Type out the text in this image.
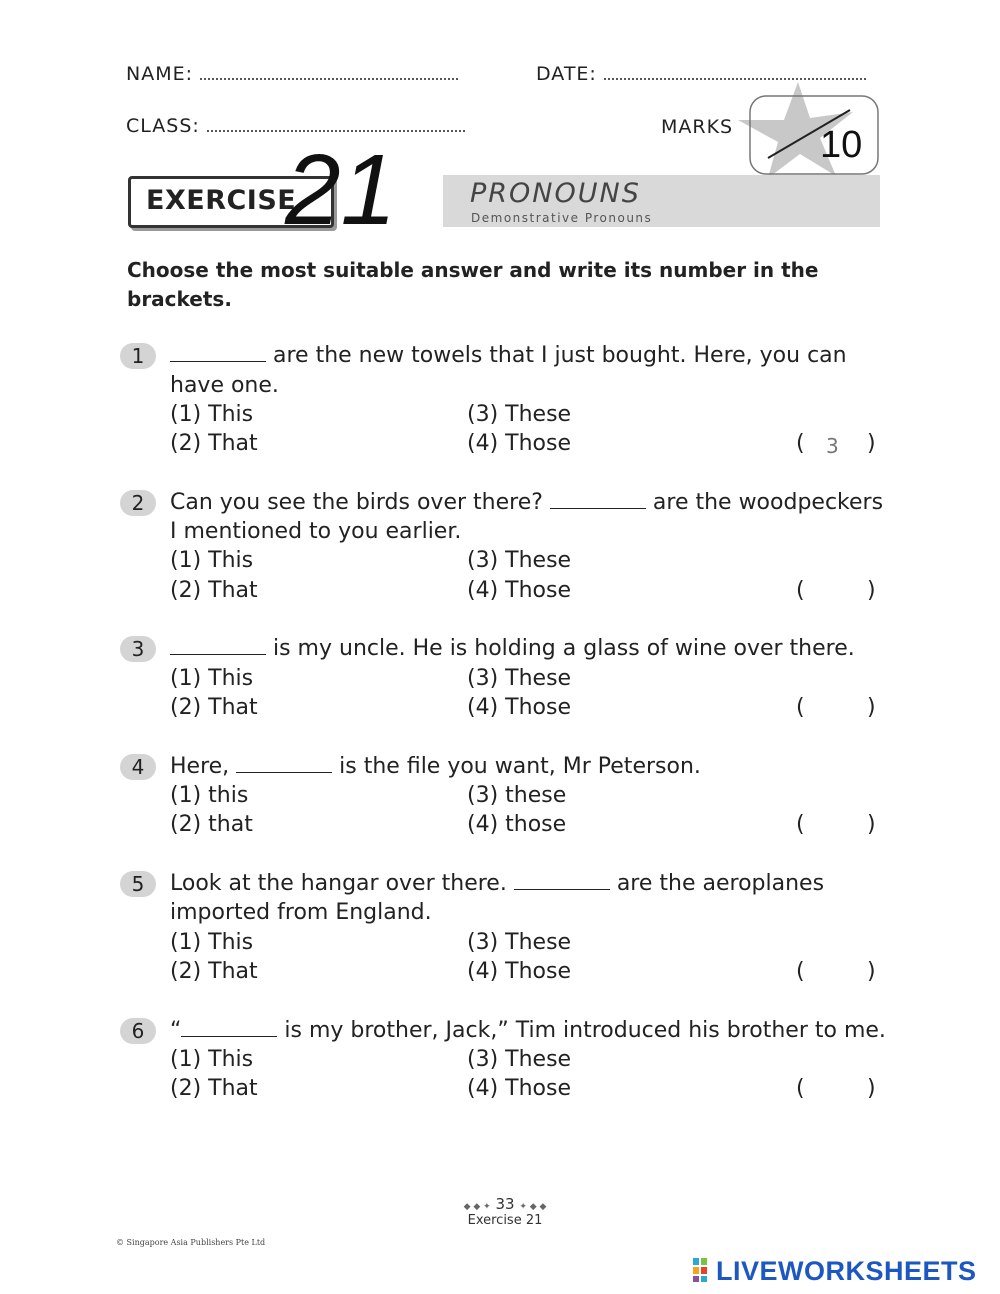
NAME:	DATE:
CLASS:	MARKS 10
EXERCISE
21	PRONOUNS
Demonstrative Pronouns
Choose the most suitable answer and write its number in the brackets.
1	are the new towels that I just bought. Here, you can
have one.
(1) This
(2) That
(3) These
(4) Those	( 3 )
2	Can you see the birds over there?	are the woodpeckers
I mentioned to you earlier.
(1) This
(2) That
(3) These
(4) Those	(	)
3	is my uncle. He is holding a glass of wine over there.
(1) This
(2) That
(3) These
(4) Those	(	)
4	Here,	is the file you want, Mr Peterson.
(1) this
(2) that
(3) these
(4) those	(	)
5	Look at the hangar over there.	are the aeroplanes
imported from England.
(1) This
(2) That
(3) These
(4) Those	(	)
6	“	is my brother, Jack,” Tim introduced his brother to me.
(1) This
(2) That
(3) These
(4) Those	(	)
◆ ◆ ✦ 33 ✦ ◆ ◆
Exercise 21
© Singapore Asia Publishers Pte Ltd
LIVEWORKSHEETS
